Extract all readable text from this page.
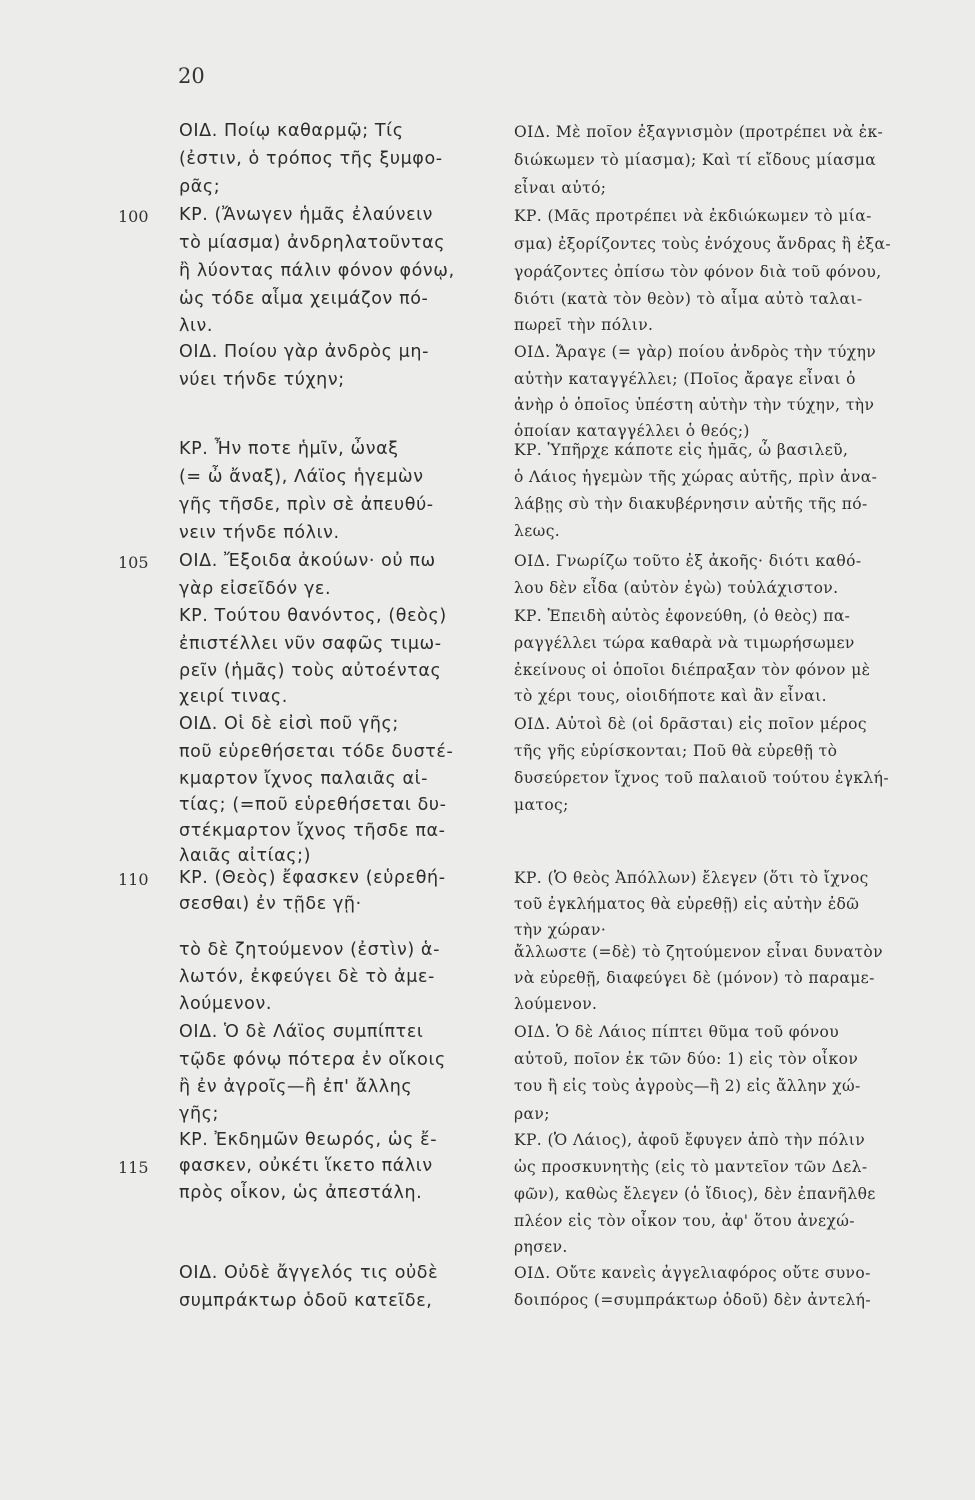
20
100
105
110
115
ΟΙΔ. Ποίῳ καθαρμῷ; Τίς
(ἐστιν, ὁ τρόπος τῆς ξυμφο-
ρᾶς;
ΚΡ. (Ἄνωγεν ἡμᾶς ἐλαύνειν
τὸ μίασμα) ἀνδρηλατοῦντας
ἢ λύοντας πάλιν φόνον φόνῳ,
ὡς τόδε αἷμα χειμάζον πό-
λιν.
ΟΙΔ. Ποίου γὰρ ἀνδρὸς μη-
νύει τήνδε τύχην;
ΚΡ. Ἦν ποτε ἡμῖν, ὦναξ
(= ὦ ἄναξ), Λάϊος ἡγεμὼν
γῆς τῆσδε, πρὶν σὲ ἀπευθύ-
νειν τήνδε πόλιν.
ΟΙΔ. Ἔξοιδα ἀκούων· οὐ πω
γὰρ εἰσεῖδόν γε.
ΚΡ. Τούτου θανόντος, (θεὸς)
ἐπιστέλλει νῦν σαφῶς τιμω-
ρεῖν (ἡμᾶς) τοὺς αὐτοέντας
χειρί τινας.
ΟΙΔ. Οἱ δὲ εἰσὶ ποῦ γῆς;
ποῦ εὑρεθήσεται τόδε δυστέ-
κμαρτον ἴχνος παλαιᾶς αἰ-
τίας; (=ποῦ εὑρεθήσεται δυ-
στέκμαρτον ἴχνος τῆσδε πα-
λαιᾶς αἰτίας;)
ΚΡ. (Θεὸς) ἔφασκεν (εὑρεθή-
σεσθαι) ἐν τῇδε γῇ·
τὸ δὲ ζητούμενον (ἐστὶν) ἁ-
λωτόν, ἐκφεύγει δὲ τὸ ἀμε-
λούμενον.
ΟΙΔ. Ὁ δὲ Λάϊος συμπίπτει
τῷδε φόνῳ πότερα ἐν οἴκοις
ἢ ἐν ἀγροῖς—ἢ ἐπ' ἄλλης
γῆς;
ΚΡ. Ἐκδημῶν θεωρός, ὡς ἔ-
φασκεν, οὐκέτι ἵκετο πάλιν
πρὸς οἶκον, ὡς ἀπεστάλη.
ΟΙΔ. Οὐδὲ ἄγγελός τις οὐδὲ
συμπράκτωρ ὁδοῦ κατεῖδε,
ΟΙΔ. Μὲ ποῖον ἐξαγνισμὸν (προτρέπει νὰ ἐκ-
διώκωμεν τὸ μίασμα); Καὶ τί εἴδους μίασμα
εἶναι αὐτό;
ΚΡ. (Μᾶς προτρέπει νὰ ἐκδιώκωμεν τὸ μία-
σμα) ἐξορίζοντες τοὺς ἐνόχους ἄνδρας ἢ ἐξα-
γοράζοντες ὀπίσω τὸν φόνον διὰ τοῦ φόνου,
διότι (κατὰ τὸν θεὸν) τὸ αἷμα αὐτὸ ταλαι-
πωρεῖ τὴν πόλιν.
ΟΙΔ. Ἄραγε (= γὰρ) ποίου ἀνδρὸς τὴν τύχην
αὐτὴν καταγγέλλει; (Ποῖος ἄραγε εἶναι ὁ
ἀνὴρ ὁ ὁποῖος ὑπέστη αὐτὴν τὴν τύχην, τὴν
ὁποίαν καταγγέλλει ὁ θεός;)
ΚΡ. Ὑπῆρχε κάποτε εἰς ἡμᾶς, ὦ βασιλεῦ,
ὁ Λάιος ἡγεμὼν τῆς χώρας αὐτῆς, πρὶν ἀνα-
λάβῃς σὺ τὴν διακυβέρνησιν αὐτῆς τῆς πό-
λεως.
ΟΙΔ. Γνωρίζω τοῦτο ἐξ ἀκοῆς· διότι καθό-
λου δὲν εἶδα (αὐτὸν ἐγὼ) τοὐλάχιστον.
ΚΡ. Ἐπειδὴ αὐτὸς ἐφονεύθη, (ὁ θεὸς) πα-
ραγγέλλει τώρα καθαρὰ νὰ τιμωρήσωμεν
ἐκείνους οἱ ὁποῖοι διέπραξαν τὸν φόνον μὲ
τὸ χέρι τους, οἱοιδήποτε καὶ ἂν εἶναι.
ΟΙΔ. Αὐτοὶ δὲ (οἱ δρᾶσται) εἰς ποῖον μέρος
τῆς γῆς εὑρίσκονται; Ποῦ θὰ εὑρεθῇ τὸ
δυσεύρετον ἴχνος τοῦ παλαιοῦ τούτου ἐγκλή-
ματος;
ΚΡ. (Ὁ θεὸς Ἀπόλλων) ἔλεγεν (ὅτι τὸ ἴχνος
τοῦ ἐγκλήματος θὰ εὑρεθῇ) εἰς αὐτὴν ἐδῶ
τὴν χώραν·
ἄλλωστε (=δὲ) τὸ ζητούμενον εἶναι δυνατὸν
νὰ εὑρεθῇ, διαφεύγει δὲ (μόνον) τὸ παραμε-
λούμενον.
ΟΙΔ. Ὁ δὲ Λάιος πίπτει θῦμα τοῦ φόνου
αὐτοῦ, ποῖον ἐκ τῶν δύο: 1) εἰς τὸν οἶκον
του ἢ εἰς τοὺς ἀγροὺς—ἢ 2) εἰς ἄλλην χώ-
ραν;
ΚΡ. (Ὁ Λάιος), ἀφοῦ ἔφυγεν ἀπὸ τὴν πόλιν
ὡς προσκυνητὴς (εἰς τὸ μαντεῖον τῶν Δελ-
φῶν), καθὼς ἔλεγεν (ὁ ἴδιος), δὲν ἐπανῆλθε
πλέον εἰς τὸν οἶκον του, ἀφ' ὅτου ἀνεχώ-
ρησεν.
ΟΙΔ. Οὔτε κανεὶς ἀγγελιαφόρος οὔτε συνο-
δοιπόρος (=συμπράκτωρ ὁδοῦ) δὲν ἀντελή-
